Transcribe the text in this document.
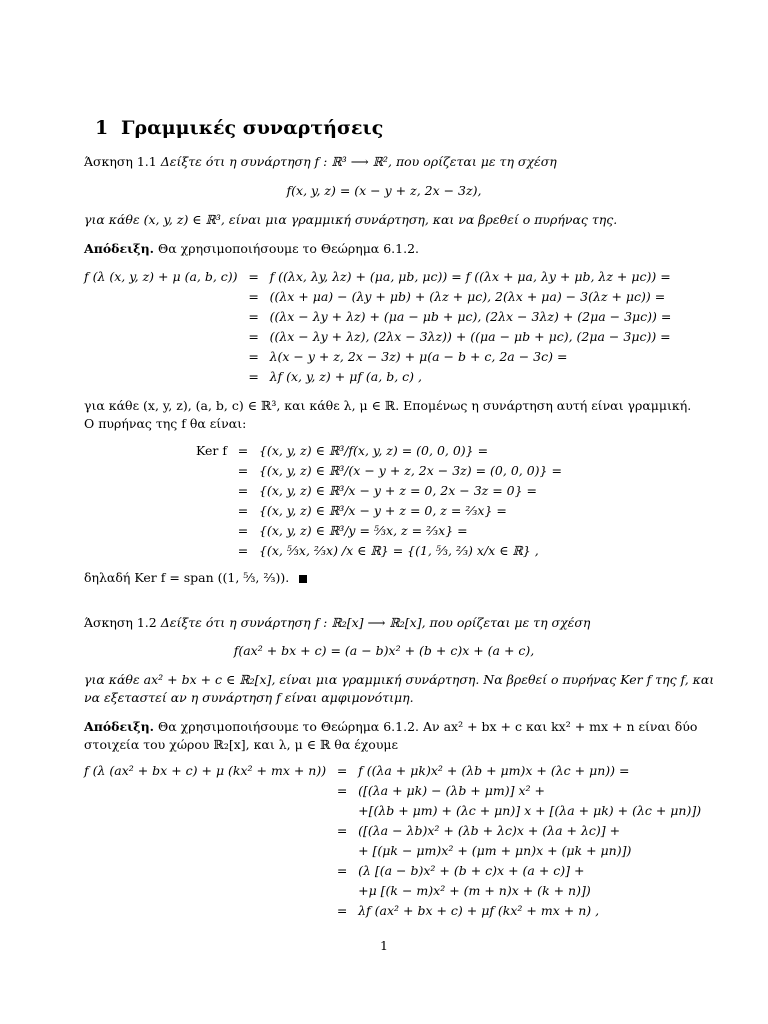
1 Γραμμικές συναρτήσεις
Άσκηση 1.1 Δείξτε ότι η συνάρτηση f : ℝ³ ⟶ ℝ², που ορίζεται με τη σχέση
f(x, y, z) = (x − y + z, 2x − 3z),
για κάθε (x, y, z) ∈ ℝ³, είναι μια γραμμική συνάρτηση, και να βρεθεί ο πυρήνας της.
Απόδειξη. Θα χρησιμοποιήσουμε το Θεώρημα 6.1.2.
f (λ (x, y, z) + μ (a, b, c))	=	f ((λx, λy, λz) + (μa, μb, μc)) = f ((λx + μa, λy + μb, λz + μc)) =
	=	((λx + μa) − (λy + μb) + (λz + μc), 2(λx + μa) − 3(λz + μc)) =
	=	((λx − λy + λz) + (μa − μb + μc), (2λx − 3λz) + (2μa − 3μc)) =
	=	((λx − λy + λz), (2λx − 3λz)) + ((μa − μb + μc), (2μa − 3μc)) =
	=	λ(x − y + z, 2x − 3z) + μ(a − b + c, 2a − 3c) =
	=	λf (x, y, z) + μf (a, b, c) ,
για κάθε (x, y, z), (a, b, c) ∈ ℝ³, και κάθε λ, μ ∈ ℝ. Επομένως η συνάρτηση αυτή είναι γραμμική.
Ο πυρήνας της f θα είναι:
Ker f	=	{(x, y, z) ∈ ℝ³/f(x, y, z) = (0, 0, 0)} =
	=	{(x, y, z) ∈ ℝ³/(x − y + z, 2x − 3z) = (0, 0, 0)} =
	=	{(x, y, z) ∈ ℝ³/x − y + z = 0, 2x − 3z = 0} =
	=	{(x, y, z) ∈ ℝ³/x − y + z = 0, z = ⅔x} =
	=	{(x, y, z) ∈ ℝ³/y = ⁵⁄₃x, z = ⅔x} =
	=	{(x, ⁵⁄₃x, ⅔x) /x ∈ ℝ} = {(1, ⁵⁄₃, ⅔) x/x ∈ ℝ} ,
δηλαδή Ker f = span ((1, ⁵⁄₃, ⅔)).
Άσκηση 1.2 Δείξτε ότι η συνάρτηση f : ℝ₂[x] ⟶ ℝ₂[x], που ορίζεται με τη σχέση
f(ax² + bx + c) = (a − b)x² + (b + c)x + (a + c),
για κάθε ax² + bx + c ∈ ℝ₂[x], είναι μια γραμμική συνάρτηση. Να βρεθεί ο πυρήνας Ker f της f, και
να εξεταστεί αν η συνάρτηση f είναι αμφιμονότιμη.
Απόδειξη. Θα χρησιμοποιήσουμε το Θεώρημα 6.1.2. Αν ax² + bx + c και kx² + mx + n είναι δύο
στοιχεία του χώρου ℝ₂[x], και λ, μ ∈ ℝ θα έχουμε
f (λ (ax² + bx + c) + μ (kx² + mx + n))	=	f ((λa + μk)x² + (λb + μm)x + (λc + μn)) =
	=	([(λa + μk) − (λb + μm)] x² +
		+[(λb + μm) + (λc + μn)] x + [(λa + μk) + (λc + μn)])
	=	([(λa − λb)x² + (λb + λc)x + (λa + λc)] +
		+ [(μk − μm)x² + (μm + μn)x + (μk + μn)])
	=	(λ [(a − b)x² + (b + c)x + (a + c)] +
		+μ [(k − m)x² + (m + n)x + (k + n)])
	=	λf (ax² + bx + c) + μf (kx² + mx + n) ,
1
